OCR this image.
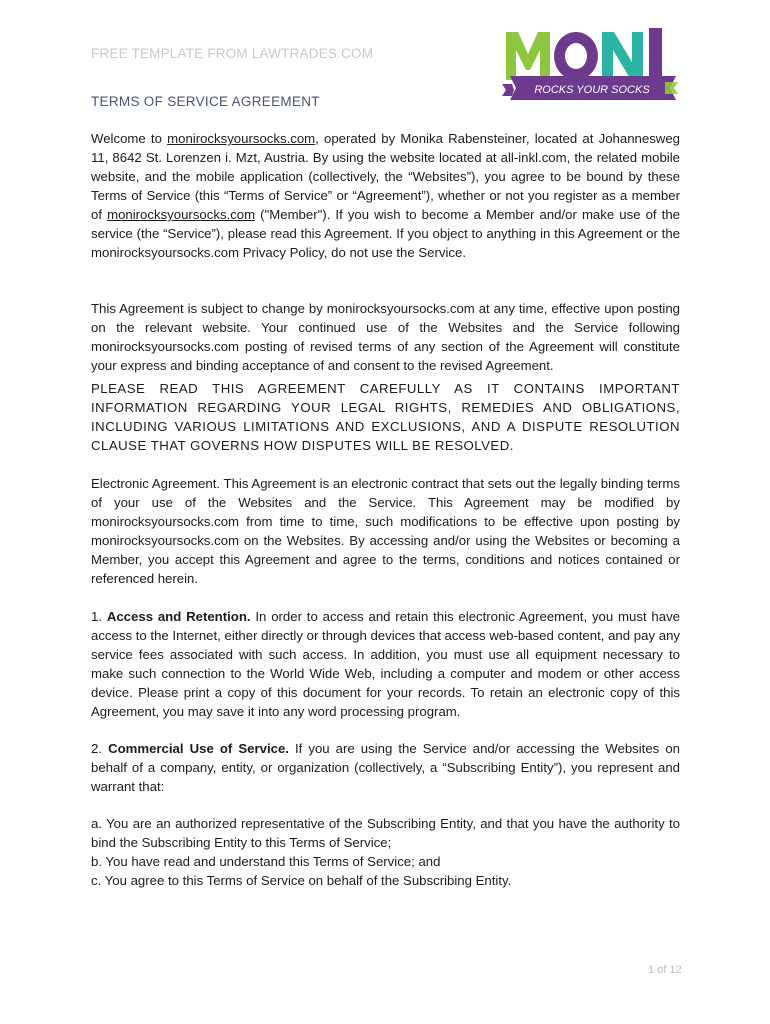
FREE TEMPLATE FROM LAWTRADES.COM
ROCKS YOUR SOCKS
TERMS OF SERVICE AGREEMENT

Welcome to monirocksyoursocks.com, operated by Monika Rabensteiner, located at Johannesweg 11, 8642 St. Lorenzen i. Mzt, Austria. By using the website located at all-inkl.com, the related mobile website, and the mobile application (collectively, the “Websites”), you agree to be bound by these Terms of Service (this “Terms of Service” or “Agreement”), whether or not you register as a member of monirocksyoursocks.com ("Member"). If you wish to become a Member and/or make use of the service (the “Service”), please read this Agreement. If you object to anything in this Agreement or the monirocksyoursocks.com Privacy Policy, do not use the Service.

This Agreement is subject to change by monirocksyoursocks.com at any time, effective upon posting on the relevant website. Your continued use of the Websites and the Service following monirocksyoursocks.com posting of revised terms of any section of the Agreement will constitute your express and binding acceptance of and consent to the revised Agreement.

PLEASE READ THIS AGREEMENT CAREFULLY AS IT CONTAINS IMPORTANT INFORMATION REGARDING YOUR LEGAL RIGHTS, REMEDIES AND OBLIGATIONS, INCLUDING VARIOUS LIMITATIONS AND EXCLUSIONS, AND A DISPUTE RESOLUTION CLAUSE THAT GOVERNS HOW DISPUTES WILL BE RESOLVED.

Electronic Agreement. This Agreement is an electronic contract that sets out the legally binding terms of your use of the Websites and the Service. This Agreement may be modified by monirocksyoursocks.com from time to time, such modifications to be effective upon posting by monirocksyoursocks.com on the Websites. By accessing and/or using the Websites or becoming a Member, you accept this Agreement and agree to the terms, conditions and notices contained or referenced herein.

1. Access and Retention. In order to access and retain this electronic Agreement, you must have access to the Internet, either directly or through devices that access web-based content, and pay any service fees associated with such access. In addition, you must use all equipment necessary to make such connection to the World Wide Web, including a computer and modem or other access device. Please print a copy of this document for your records. To retain an electronic copy of this Agreement, you may save it into any word processing program.

2. Commercial Use of Service. If you are using the Service and/or accessing the Websites on behalf of a company, entity, or organization (collectively, a “Subscribing Entity”), you represent and warrant that:

a. You are an authorized representative of the Subscribing Entity, and that you have the authority to bind the Subscribing Entity to this Terms of Service;
b. You have read and understand this Terms of Service; and
c. You agree to this Terms of Service on behalf of the Subscribing Entity.

1 of 12
